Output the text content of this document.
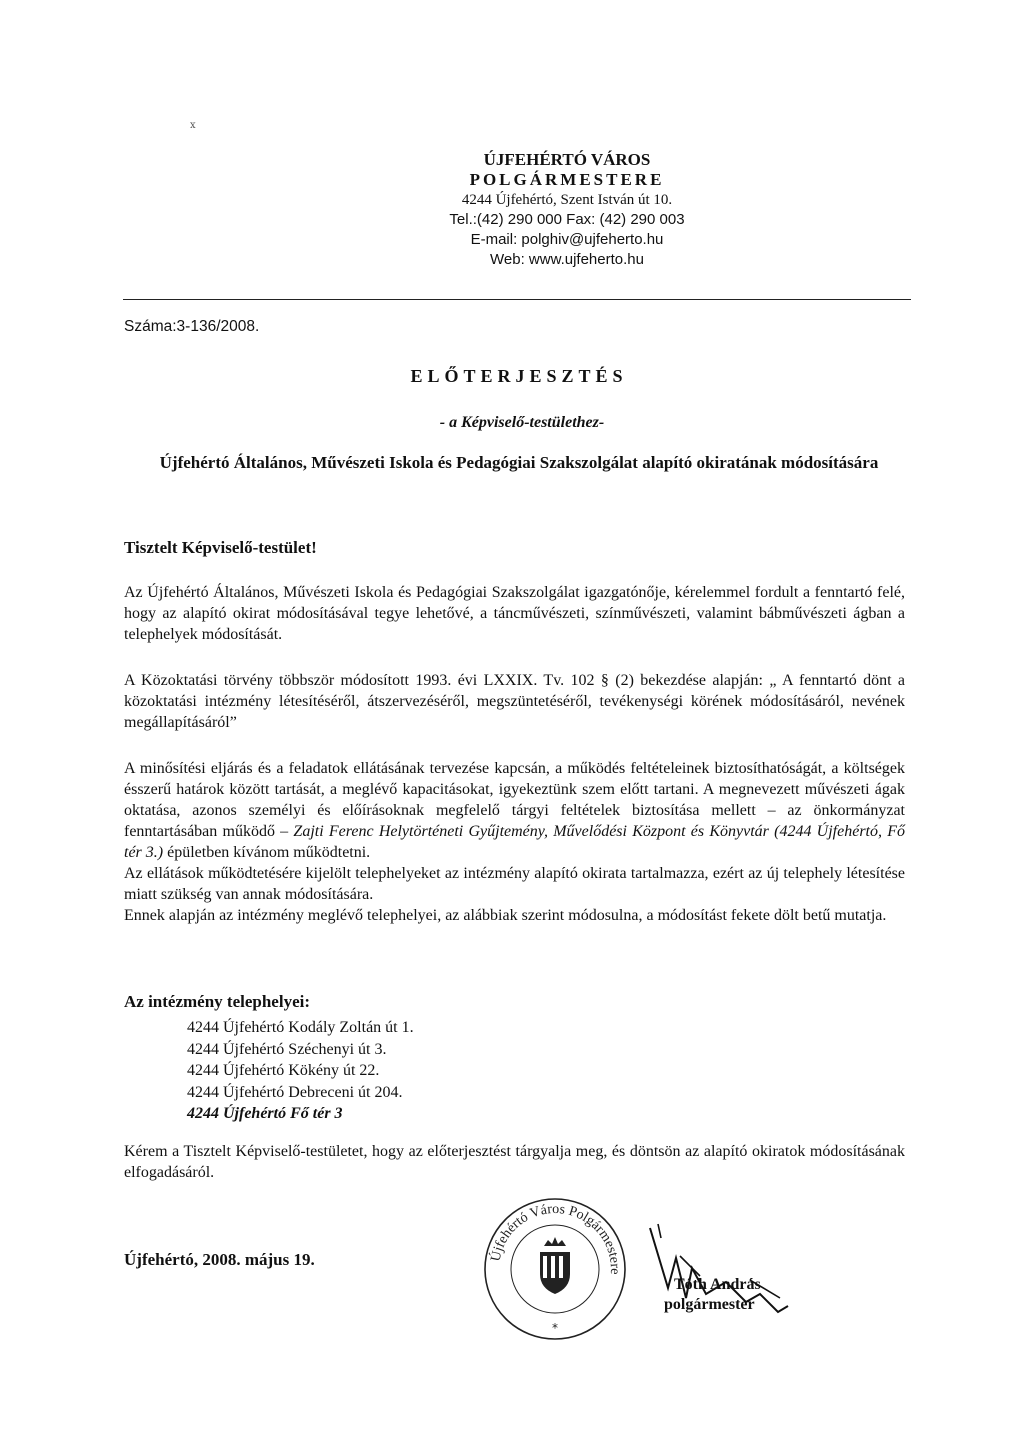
ⅹ
ÚJFEHÉRTÓ VÁROS
POLGÁRMESTERE
4244 Újfehértó, Szent István út 10.
Tel.:(42) 290 000 Fax: (42) 290 003
E-mail: polghiv@ujfeherto.hu
Web: www.ujfeherto.hu
Száma:3-136/2008.
ELŐTERJESZTÉS
- a Képviselő-testülethez-
Újfehértó Általános, Művészeti Iskola és Pedagógiai Szakszolgálat alapító okiratának módosítására
Tisztelt Képviselő-testület!

Az Újfehértó Általános, Művészeti Iskola és Pedagógiai Szakszolgálat igazgatónője, kérelemmel fordult a fenntartó felé, hogy az alapító okirat módosításával tegye lehetővé, a táncművészeti, színművészeti, valamint bábművészeti ágban a telephelyek módosítását.

A Közoktatási törvény többször módosított 1993. évi LXXIX. Tv. 102 § (2) bekezdése alapján: „ A fenntartó dönt a közoktatási intézmény létesítéséről, átszervezéséről, megszüntetéséről, tevékenységi körének módosításáról, nevének megállapításáról”

A minősítési eljárás és a feladatok ellátásának tervezése kapcsán, a működés feltételeinek biztosíthatóságát, a költségek ésszerű határok között tartását, a meglévő kapacitásokat, igyekeztünk szem előtt tartani. A megnevezett művészeti ágak oktatása, azonos személyi és előírásoknak megfelelő tárgyi feltételek biztosítása mellett – az önkormányzat fenntartásában működő – Zajti Ferenc Helytörténeti Gyűjtemény, Művelődési Központ és Könyvtár (4244 Újfehértó, Fő tér 3.) épületben kívánom működtetni.

Az ellátások működtetésére kijelölt telephelyeket az intézmény alapító okirata tartalmazza, ezért az új telephely létesítése miatt szükség van annak módosítására.

Ennek alapján az intézmény meglévő telephelyei, az alábbiak szerint módosulna, a módosítást fekete dölt betű mutatja.

Az intézmény telephelyei:
4244 Újfehértó Kodály Zoltán út 1.
4244 Újfehértó Széchenyi út 3.
4244 Újfehértó Kökény út 22.
4244 Újfehértó Debreceni út 204.
4244 Újfehértó Fő tér 3

Kérem a Tisztelt Képviselő-testületet, hogy az előterjesztést tárgyalja meg, és döntsön az alapító okiratok módosításának elfogadásáról.

Újfehértó, 2008. május 19.	Újfehértó Város Polgármestere
*
Tóth András
polgármester
